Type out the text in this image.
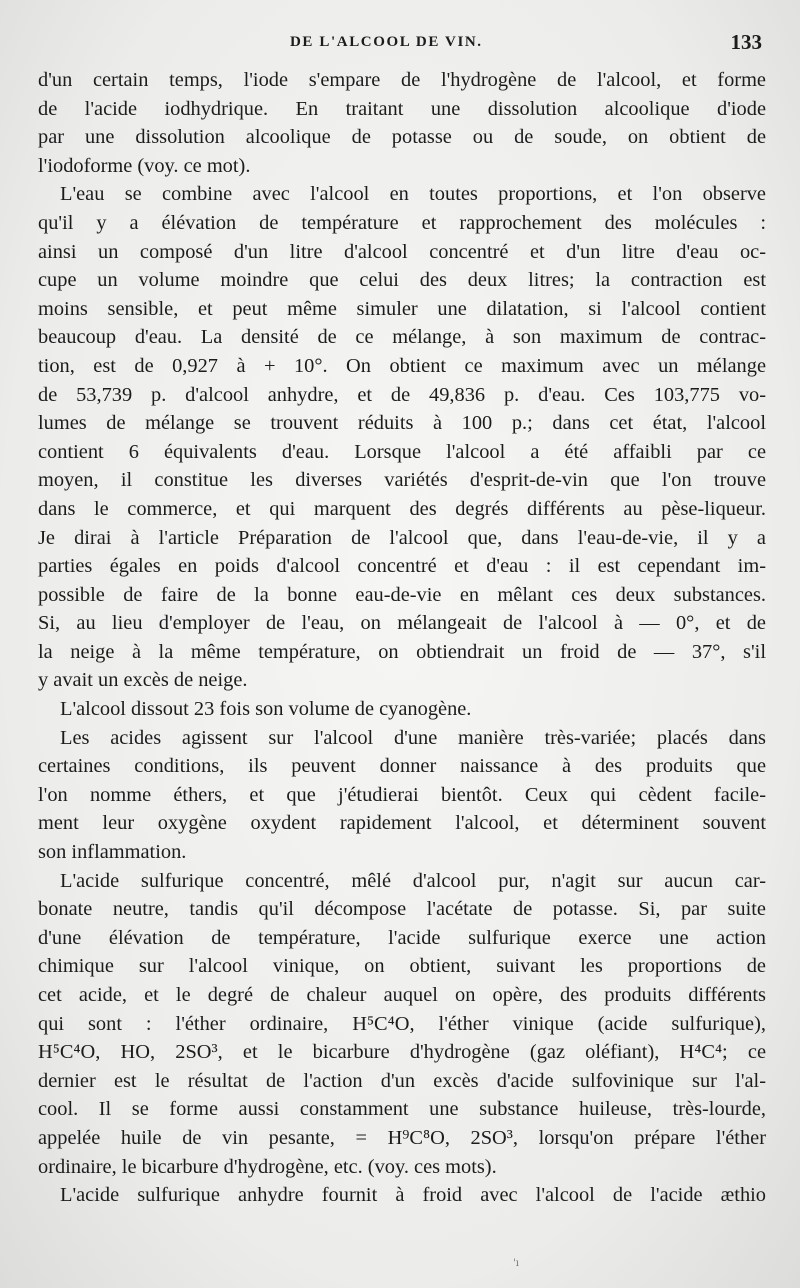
DE L'ALCOOL DE VIN.	133
d'un certain temps, l'iode s'empare de l'hydrogène de l'alcool, et forme
de l'acide iodhydrique. En traitant une dissolution alcoolique d'iode
par une dissolution alcoolique de potasse ou de soude, on obtient de
l'iodoforme (voy. ce mot).
L'eau se combine avec l'alcool en toutes proportions, et l'on observe
qu'il y a élévation de température et rapprochement des molécules :
ainsi un composé d'un litre d'alcool concentré et d'un litre d'eau oc-
cupe un volume moindre que celui des deux litres; la contraction est
moins sensible, et peut même simuler une dilatation, si l'alcool contient
beaucoup d'eau. La densité de ce mélange, à son maximum de contrac-
tion, est de 0,927 à + 10°. On obtient ce maximum avec un mélange
de 53,739 p. d'alcool anhydre, et de 49,836 p. d'eau. Ces 103,775 vo-
lumes de mélange se trouvent réduits à 100 p.; dans cet état, l'alcool
contient 6 équivalents d'eau. Lorsque l'alcool a été affaibli par ce
moyen, il constitue les diverses variétés d'esprit-de-vin que l'on trouve
dans le commerce, et qui marquent des degrés différents au pèse-liqueur.
Je dirai à l'article Préparation de l'alcool que, dans l'eau-de-vie, il y a
parties égales en poids d'alcool concentré et d'eau : il est cependant im-
possible de faire de la bonne eau-de-vie en mêlant ces deux substances.
Si, au lieu d'employer de l'eau, on mélangeait de l'alcool à — 0°, et de
la neige à la même température, on obtiendrait un froid de — 37°, s'il
y avait un excès de neige.
L'alcool dissout 23 fois son volume de cyanogène.
Les acides agissent sur l'alcool d'une manière très-variée; placés dans
certaines conditions, ils peuvent donner naissance à des produits que
l'on nomme éthers, et que j'étudierai bientôt. Ceux qui cèdent facile-
ment leur oxygène oxydent rapidement l'alcool, et déterminent souvent
son inflammation.
L'acide sulfurique concentré, mêlé d'alcool pur, n'agit sur aucun car-
bonate neutre, tandis qu'il décompose l'acétate de potasse. Si, par suite
d'une élévation de température, l'acide sulfurique exerce une action
chimique sur l'alcool vinique, on obtient, suivant les proportions de
cet acide, et le degré de chaleur auquel on opère, des produits différents
qui sont : l'éther ordinaire, H⁵C⁴O, l'éther vinique (acide sulfurique),
H⁵C⁴O, HO, 2SO³, et le bicarbure d'hydrogène (gaz oléfiant), H⁴C⁴; ce
dernier est le résultat de l'action d'un excès d'acide sulfovinique sur l'al-
cool. Il se forme aussi constamment une substance huileuse, très-lourde,
appelée huile de vin pesante, = H⁹C⁸O, 2SO³, lorsqu'on prépare l'éther
ordinaire, le bicarbure d'hydrogène, etc. (voy. ces mots).
L'acide sulfurique anhydre fournit à froid avec l'alcool de l'acide æthio
'ı
